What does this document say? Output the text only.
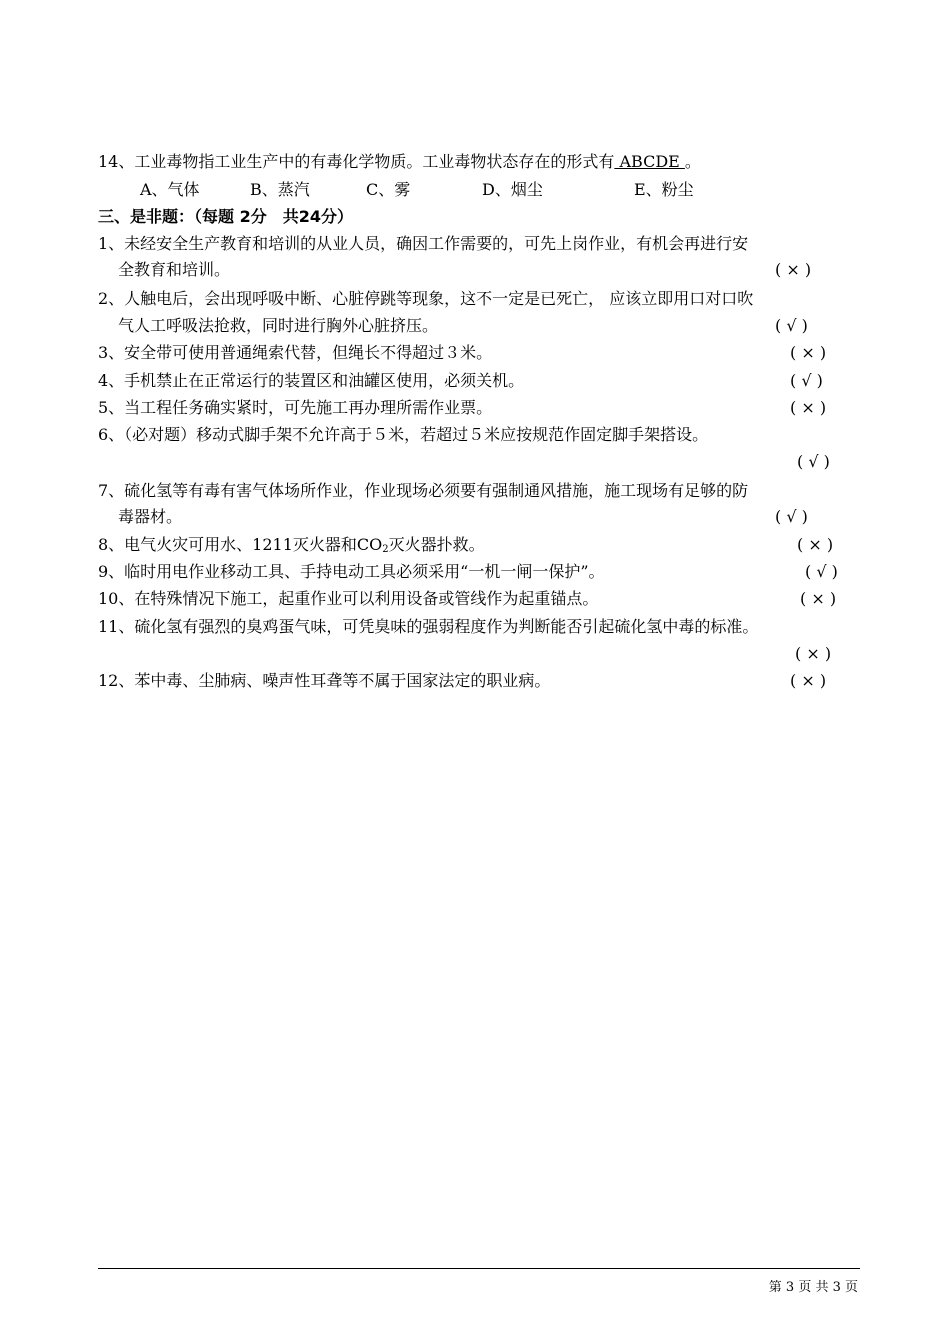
14、工业毒物指工业生产中的有毒化学物质。工业毒物状态存在的形式有 ABCDE 。
A、气体	B、蒸汽	C、雾	D、烟尘	E、粉尘
三、是非题：（每题 2分　共24分）
1、未经安全生产教育和培训的从业人员，确因工作需要的，可先上岗作业，有机会再进行安
全教育和培训。	( × )
2、人触电后，会出现呼吸中断、心脏停跳等现象，这不一定是已死亡， 应该立即用口对口吹
气人工呼吸法抢救，同时进行胸外心脏挤压。	( √ )
3、安全带可使用普通绳索代替，但绳长不得超过３米。	( × )
4、手机禁止在正常运行的装置区和油罐区使用，必须关机。	( √ )
5、当工程任务确实紧时，可先施工再办理所需作业票。	( × )
6、（必对题）移动式脚手架不允许高于５米，若超过５米应按规范作固定脚手架搭设。
( √ )
7、硫化氢等有毒有害气体场所作业，作业现场必须要有强制通风措施，施工现场有足够的防
毒器材。	( √ )
8、电气火灾可用水、1211灭火器和$CO_2$灭火器扑救。	( × )
9、临时用电作业移动工具、手持电动工具必须采用“一机一闸一保护”。	( √ )
10、在特殊情况下施工，起重作业可以利用设备或管线作为起重锚点。	( × )
11、硫化氢有强烈的臭鸡蛋气味，可凭臭味的强弱程度作为判断能否引起硫化氢中毒的标准。
( × )
12、苯中毒、尘肺病、噪声性耳聋等不属于国家法定的职业病。	( × )
第 3 页 共 3 页
